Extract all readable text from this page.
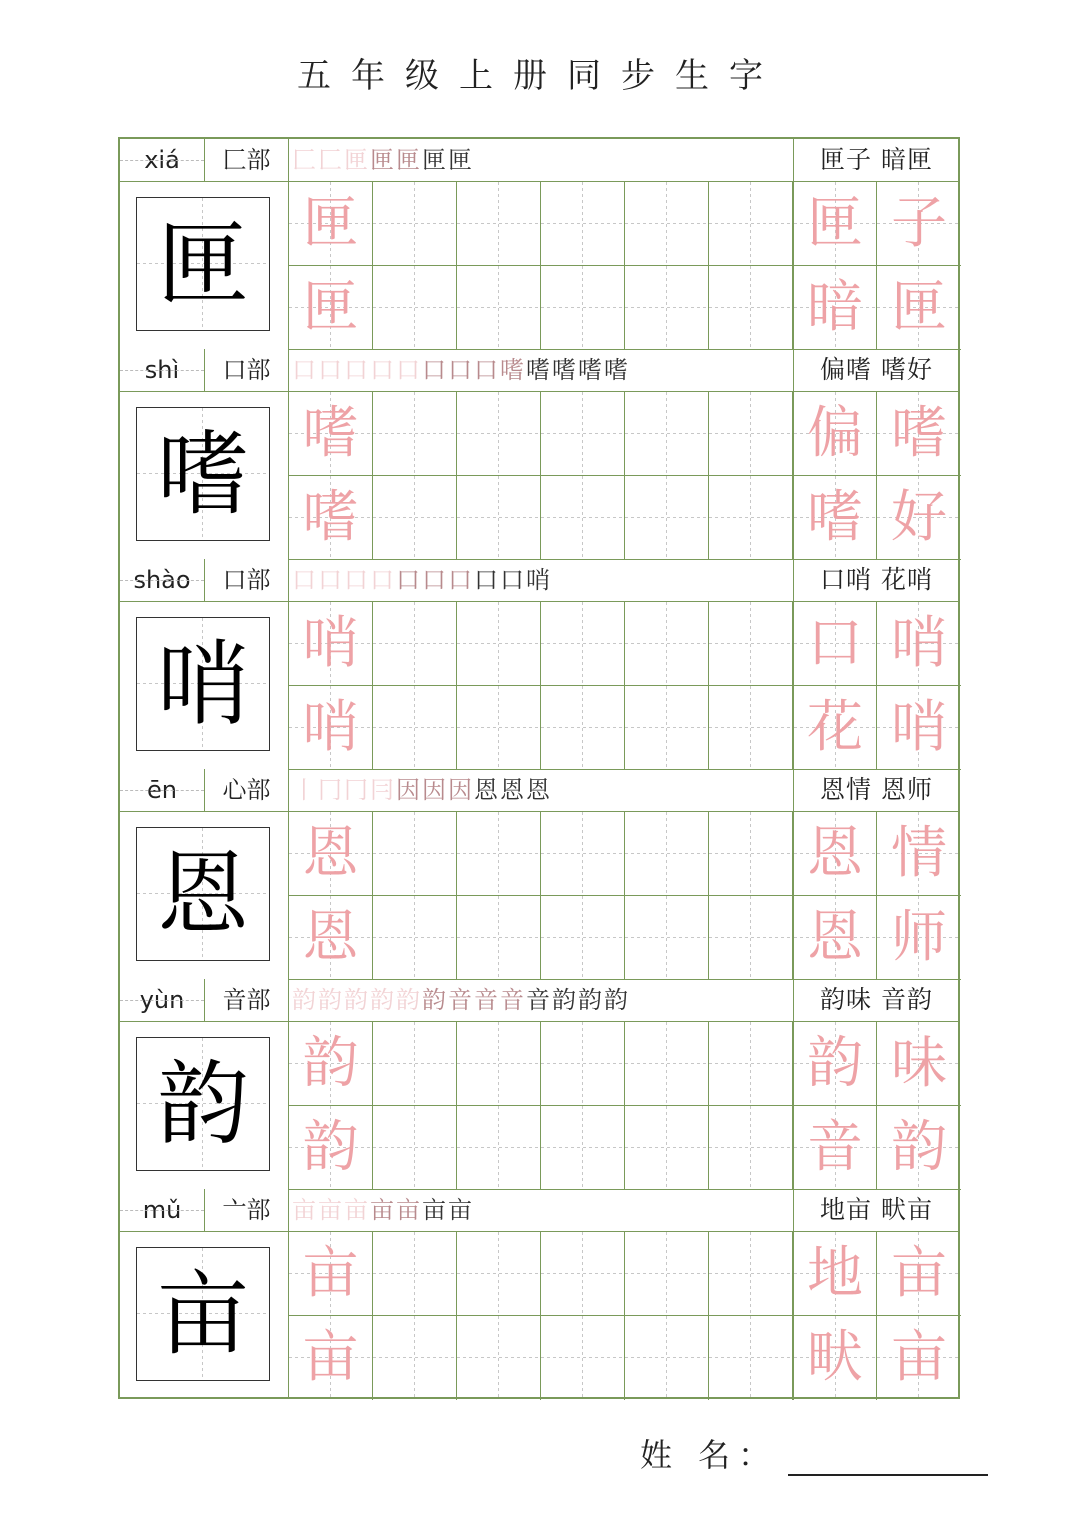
五年级上册同步生字
xiá	匚部 匚匚匣匣匣匣匣	匣子 暗匣
匣 匣	匣 子
匣	暗 匣
shì	口部 口口口口口口口口嗜嗜嗜嗜嗜	偏嗜 嗜好
嗜 嗜	偏 嗜
嗜	嗜 好
shào	口部 口口口口口口口口口哨	口哨 花哨
哨 哨	口 哨
哨	花 哨
ēn	心部 丨冂冂冃因因因恩恩恩	恩情 恩师
恩 恩	恩 情
恩	恩 师
yùn	音部 韵韵韵韵韵韵音音音音韵韵韵	韵味 音韵
韵 韵	韵 味
韵	音 韵
mǔ	亠部 亩亩亩亩亩亩亩	地亩 畎亩
亩 亩	地 亩
亩	畎 亩
姓 名：
